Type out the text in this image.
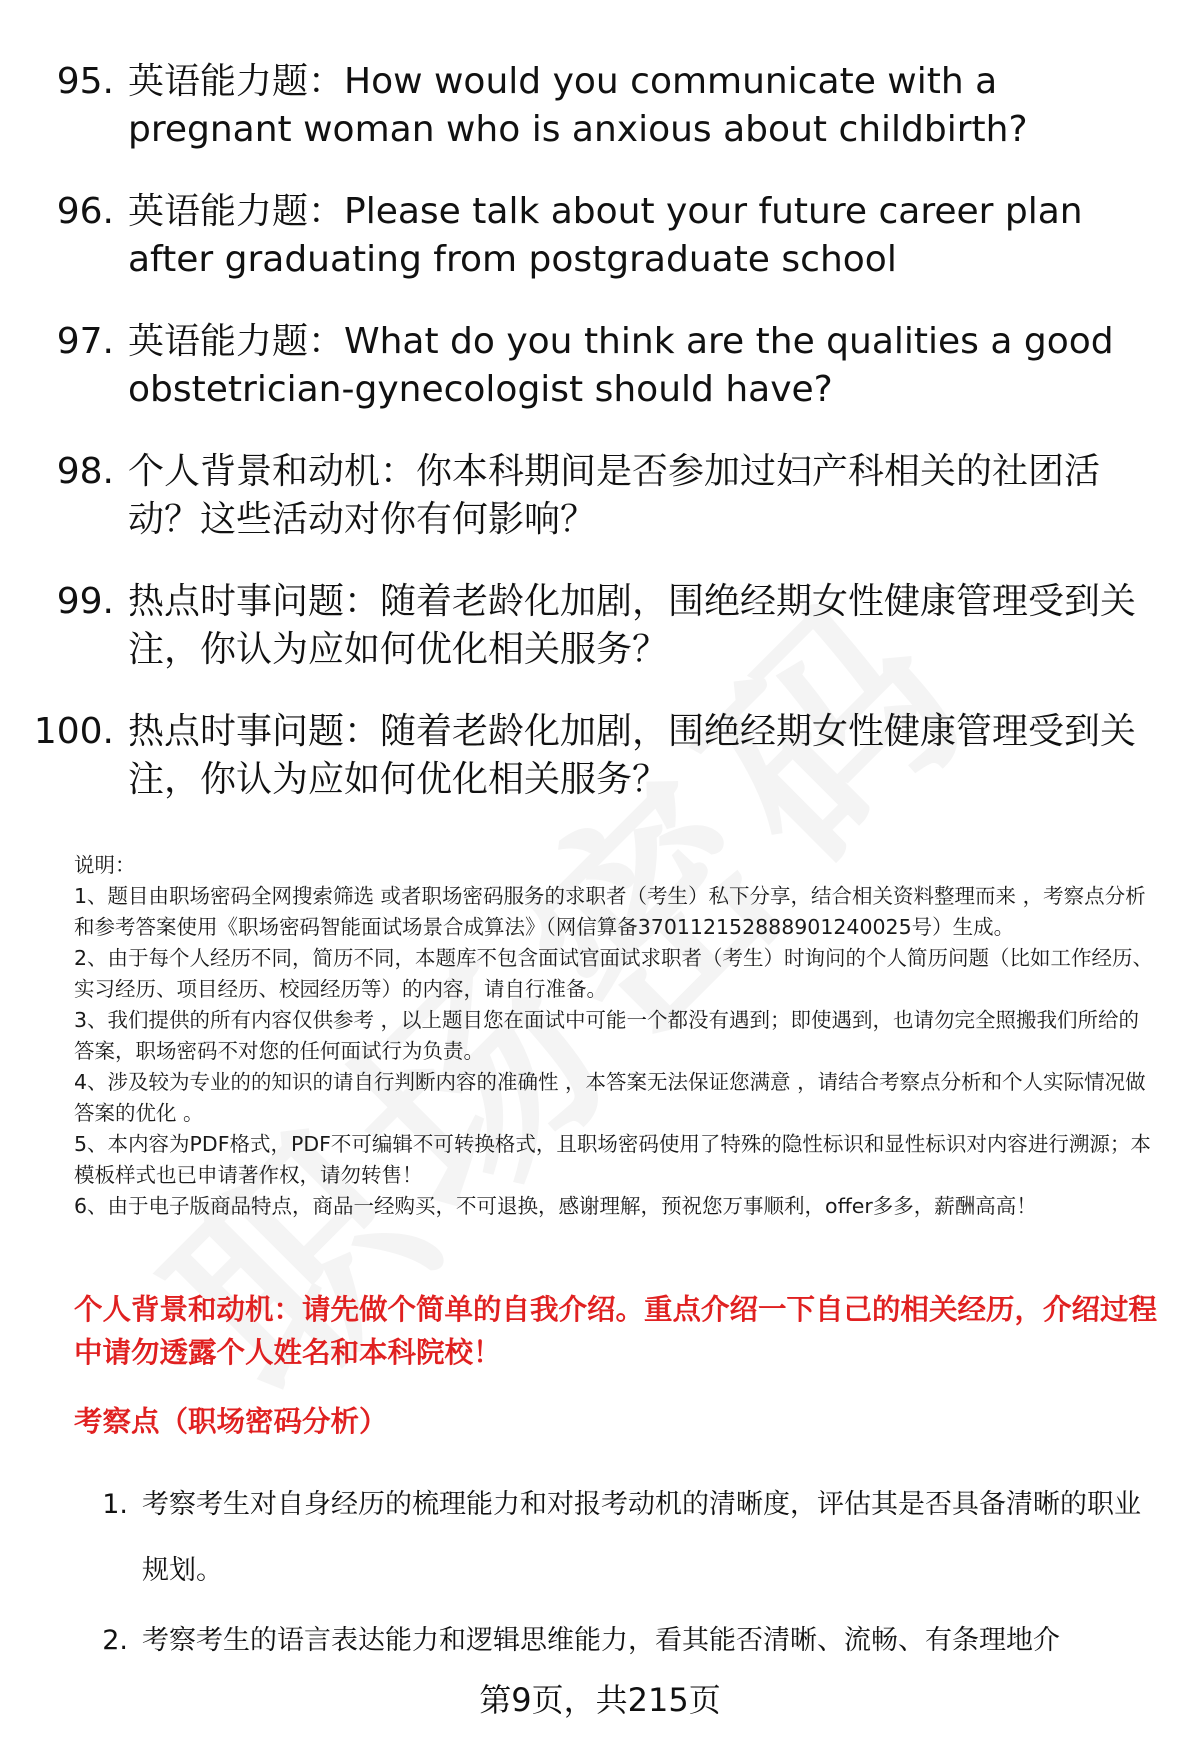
95. 英语能力题：How would you communicate with a pregnant woman who is anxious about childbirth?
96. 英语能力题：Please talk about your future career plan after graduating from postgraduate school
97. 英语能力题：What do you think are the qualities a good obstetrician-gynecologist should have?
98. 个人背景和动机：你本科期间是否参加过妇产科相关的社团活动？这些活动对你有何影响？
99. 热点时事问题：随着老龄化加剧，围绝经期女性健康管理受到关注，你认为应如何优化相关服务？
100. 热点时事问题：随着老龄化加剧，围绝经期女性健康管理受到关注，你认为应如何优化相关服务？

说明：

1、题目由职场密码全网搜索筛选 或者职场密码服务的求职者（考生）私下分享，结合相关资料整理而来 ，考察点分析和参考答案使用《职场密码智能面试场景合成算法》（网信算备370112152888901240025号）生成。

2、由于每个人经历不同，简历不同，本题库不包含面试官面试求职者（考生）时询问的个人简历问题（比如工作经历、实习经历、项目经历、校园经历等）的内容，请自行准备。

3、我们提供的所有内容仅供参考 ，以上题目您在面试中可能一个都没有遇到；即使遇到，也请勿完全照搬我们所给的答案，职场密码不对您的任何面试行为负责。

4、涉及较为专业的的知识的请自行判断内容的准确性 ，本答案无法保证您满意 ，请结合考察点分析和个人实际情况做答案的优化 。

5、本内容为PDF格式，PDF不可编辑不可转换格式，且职场密码使用了特殊的隐性标识和显性标识对内容进行溯源；本模板样式也已申请著作权，请勿转售！

6、由于电子版商品特点，商品一经购买，不可退换，感谢理解，预祝您万事顺利，offer多多，薪酬高高！

个人背景和动机：请先做个简单的自我介绍。重点介绍一下自己的相关经历，介绍过程中请勿透露个人姓名和本科院校！
考察点（职场密码分析）
1. 考察考生对自身经历的梳理能力和对报考动机的清晰度，评估其是否具备清晰的职业规划。
2. 考察考生的语言表达能力和逻辑思维能力，看其能否清晰、流畅、有条理地介
第9页，共215页
